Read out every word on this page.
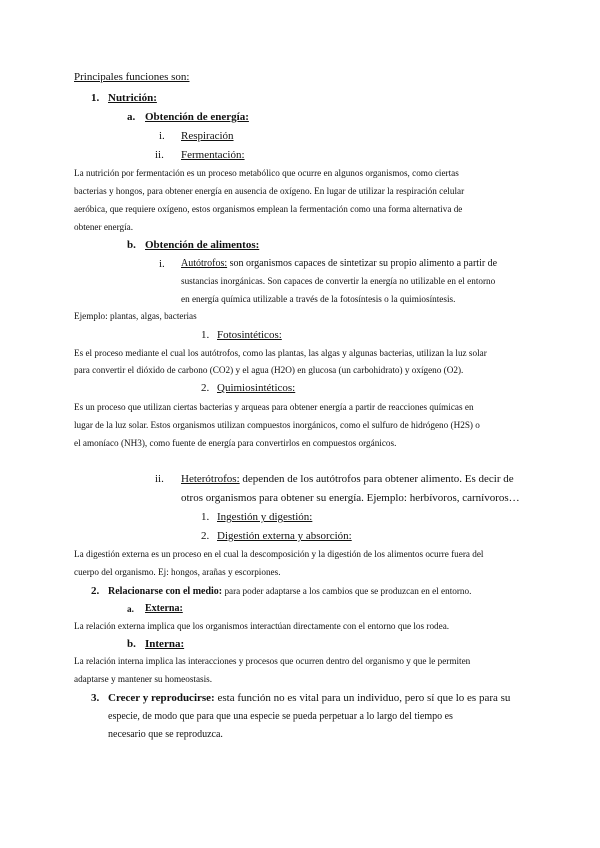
Principales funciones son:
1. Nutrición:
a. Obtención de energía:
i. Respiración
ii. Fermentación:
La nutrición por fermentación es un proceso metabólico que ocurre en algunos organismos, como ciertas
bacterias y hongos, para obtener energía en ausencia de oxígeno. En lugar de utilizar la respiración celular
aeróbica, que requiere oxígeno, estos organismos emplean la fermentación como una forma alternativa de
obtener energía.
b. Obtención de alimentos:
i. Autótrofos: son organismos capaces de sintetizar su propio alimento a partir de
sustancias inorgánicas. Son capaces de convertir la energía no utilizable en el entorno
en energía química utilizable a través de la fotosíntesis o la quimiosíntesis.
Ejemplo: plantas, algas, bacterias
1. Fotosintéticos:
Es el proceso mediante el cual los autótrofos, como las plantas, las algas y algunas bacterias, utilizan la luz solar
para convertir el dióxido de carbono (CO2) y el agua (H2O) en glucosa (un carbohidrato) y oxígeno (O2).
2. Quimiosintéticos:
Es un proceso que utilizan ciertas bacterias y arqueas para obtener energía a partir de reacciones químicas en
lugar de la luz solar. Estos organismos utilizan compuestos inorgánicos, como el sulfuro de hidrógeno (H2S) o
el amoníaco (NH3), como fuente de energía para convertirlos en compuestos orgánicos.
ii. Heterótrofos: dependen de los autótrofos para obtener alimento. Es decir de
otros organismos para obtener su energía. Ejemplo: herbívoros, carnívoros…
1. Ingestión y digestión:
2. Digestión externa y absorción:
La digestión externa es un proceso en el cual la descomposición y la digestión de los alimentos ocurre fuera del
cuerpo del organismo. Ej: hongos, arañas y escorpiones.
2. Relacionarse con el medio: para poder adaptarse a los cambios que se produzcan en el entorno.
a. Externa:
La relación externa implica que los organismos interactúan directamente con el entorno que los rodea.
b. Interna:
La relación interna implica las interacciones y procesos que ocurren dentro del organismo y que le permiten
adaptarse y mantener su homeostasis.
3. Crecer y reproducirse: esta función no es vital para un individuo, pero sí que lo es para su
especie, de modo que para que una especie se pueda perpetuar a lo largo del tiempo es
necesario que se reproduzca.
